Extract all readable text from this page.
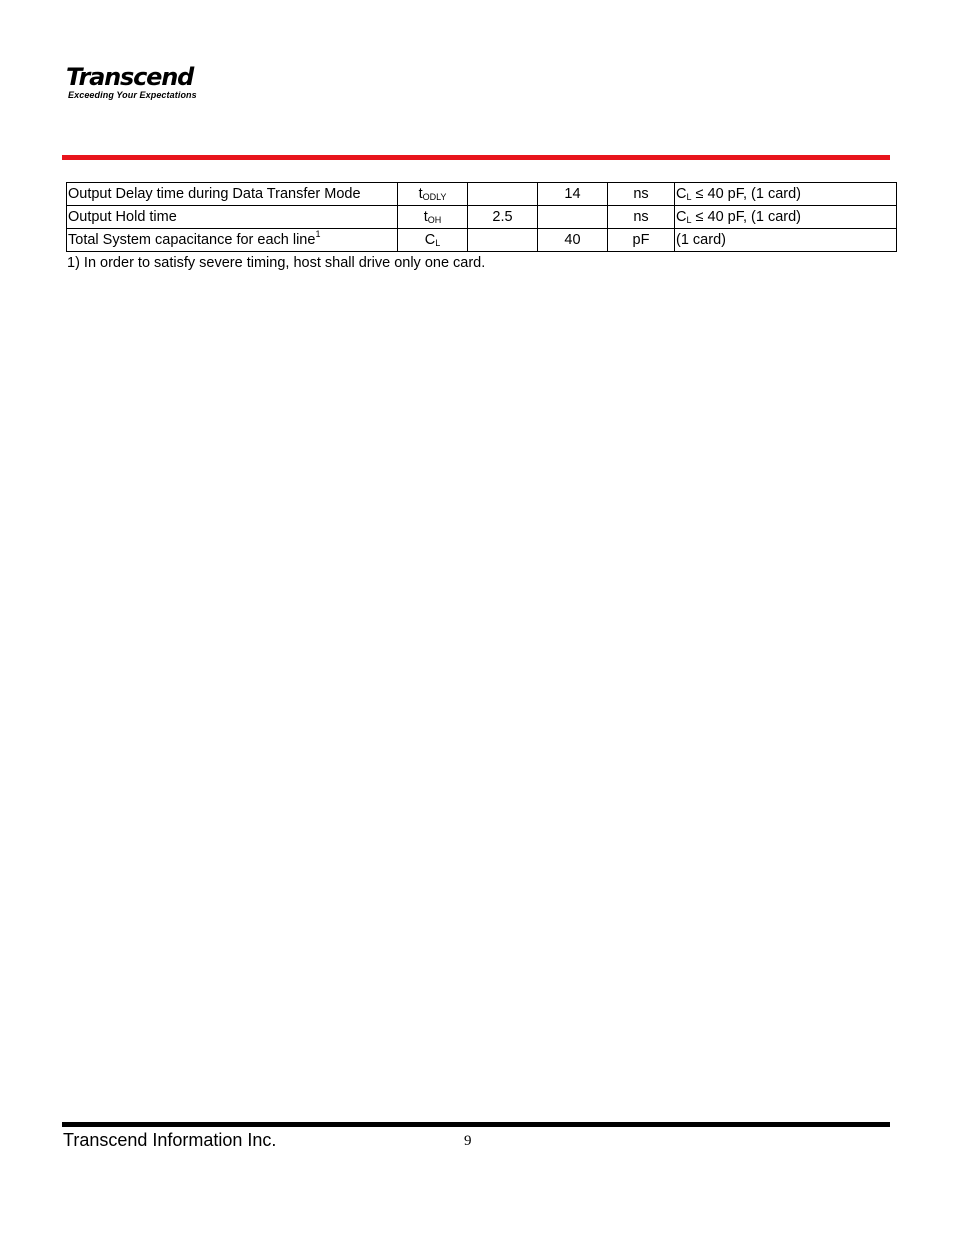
Transcend
Exceeding Your Expectations
Output Delay time during Data Transfer Mode	$t_{ODLY}$		14	ns	$C_L \le 40$ pF, (1 card)
Output Hold time	$t_{OH}$	2.5		ns	$C_L \le 40$ pF, (1 card)
Total System capacitance for each line$^1$	$C_L$		40	pF	(1 card)
1) In order to satisfy severe timing, host shall drive only one card.
Transcend Information Inc.	9
